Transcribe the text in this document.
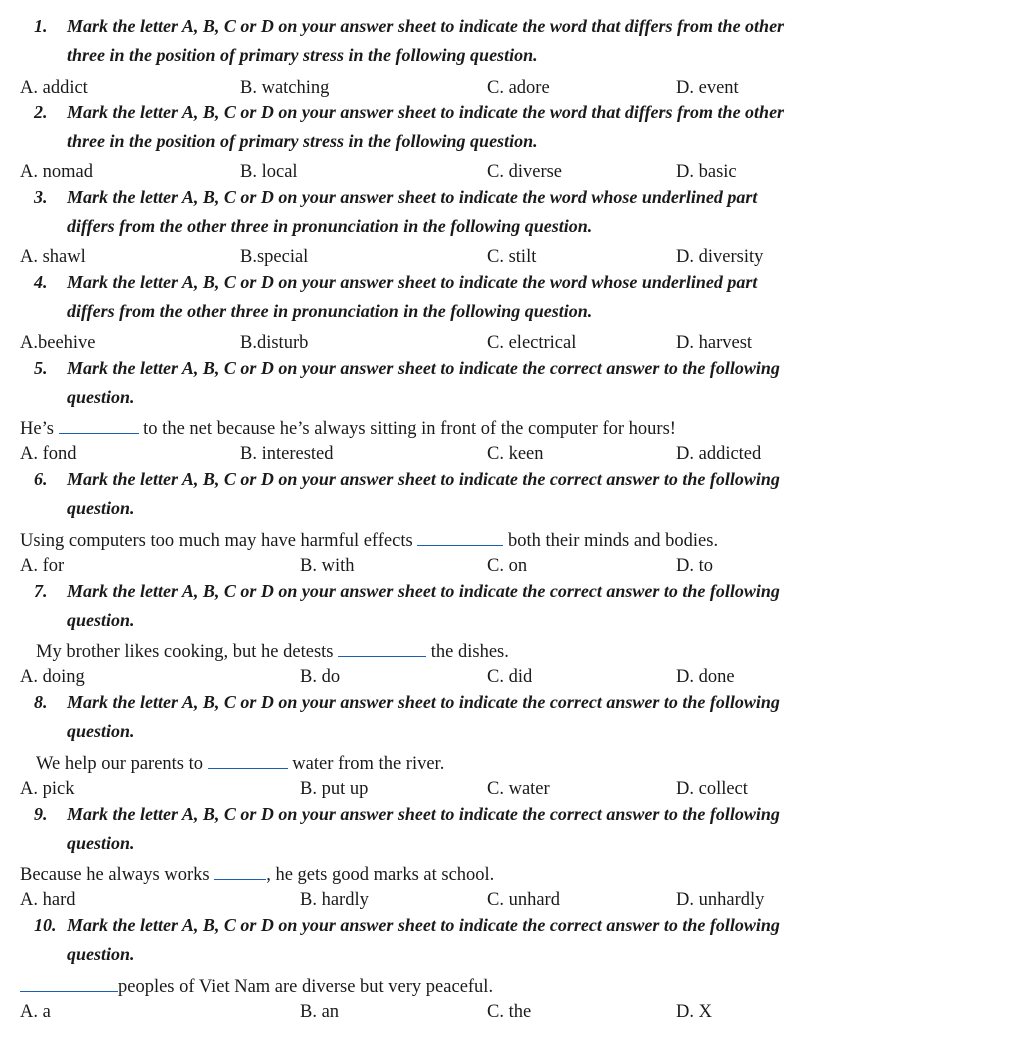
1. Mark the letter A, B, C or D on your answer sheet to indicate the word that differs from the other
three in the position of primary stress in the following question.
A. addict	B. watching	C. adore	D. event
2. Mark the letter A, B, C or D on your answer sheet to indicate the word that differs from the other
three in the position of primary stress in the following question.
A. nomad	B. local	C. diverse	D. basic
3. Mark the letter A, B, C or D on your answer sheet to indicate the word whose underlined part
differs from the other three in pronunciation in the following question.
A. shawl	B.special	C. stilt	D. diversity
4. Mark the letter A, B, C or D on your answer sheet to indicate the word whose underlined part
differs from the other three in pronunciation in the following question.
A.beehive	B.disturb	C. electrical	D. harvest
5. Mark the letter A, B, C or D on your answer sheet to indicate the correct answer to the following
question.
He’s	to the net because he’s always sitting in front of the computer for hours!
A. fond	B. interested	C. keen	D. addicted
6. Mark the letter A, B, C or D on your answer sheet to indicate the correct answer to the following
question.
Using computers too much may have harmful effects	both their minds and bodies.
A. for	B. with	C. on	D. to
7. Mark the letter A, B, C or D on your answer sheet to indicate the correct answer to the following
question.
My brother likes cooking, but he detests	the dishes.
A. doing	B. do	C. did	D. done
8. Mark the letter A, B, C or D on your answer sheet to indicate the correct answer to the following
question.
We help our parents to	water from the river.
A. pick	B. put up	C. water	D. collect
9. Mark the letter A, B, C or D on your answer sheet to indicate the correct answer to the following
question.
Because he always works	, he gets good marks at school.
A. hard	B. hardly	C. unhard	D. unhardly
10. Mark the letter A, B, C or D on your answer sheet to indicate the correct answer to the following
question.
peoples of Viet Nam are diverse but very peaceful.
A. a	B. an	C. the	D. X
